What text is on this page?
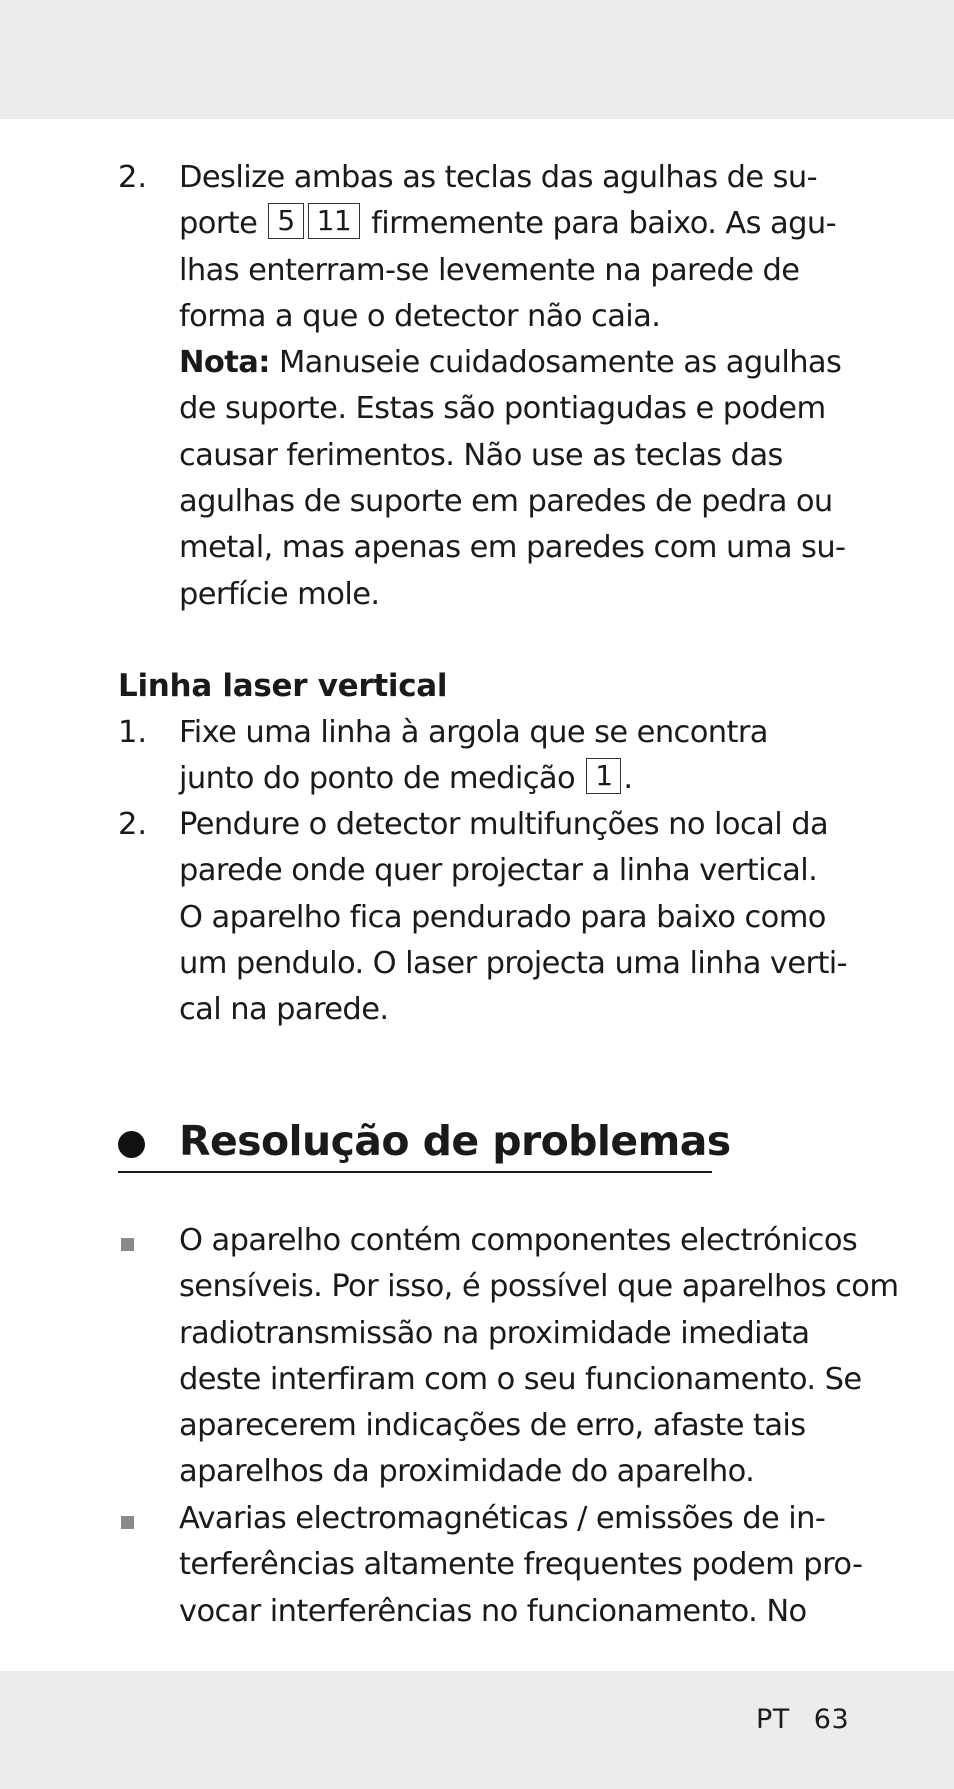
2. Deslize ambas as teclas das agulhas de su-
porte 5 11 firmemente para baixo. As agu-
lhas enterram-se levemente na parede de
forma a que o detector não caia.
Nota: Manuseie cuidadosamente as agulhas
de suporte. Estas são pontiagudas e podem
causar ferimentos. Não use as teclas das
agulhas de suporte em paredes de pedra ou
metal, mas apenas em paredes com uma su-
perfície mole.
Linha laser vertical
1. Fixe uma linha à argola que se encontra
junto do ponto de medição 1 .
2. Pendure o detector multifunções no local da
parede onde quer projectar a linha vertical.
O aparelho fica pendurado para baixo como
um pendulo. O laser projecta uma linha verti-
cal na parede.
Resolução de problemas
O aparelho contém componentes electrónicos
sensíveis. Por isso, é possível que aparelhos com
radiotransmissão na proximidade imediata
deste interfiram com o seu funcionamento. Se
aparecerem indicações de erro, afaste tais
aparelhos da proximidade do aparelho.
Avarias electromagnéticas / emissões de in-
terferências altamente frequentes podem pro-
vocar interferências no funcionamento. No
PT 63
